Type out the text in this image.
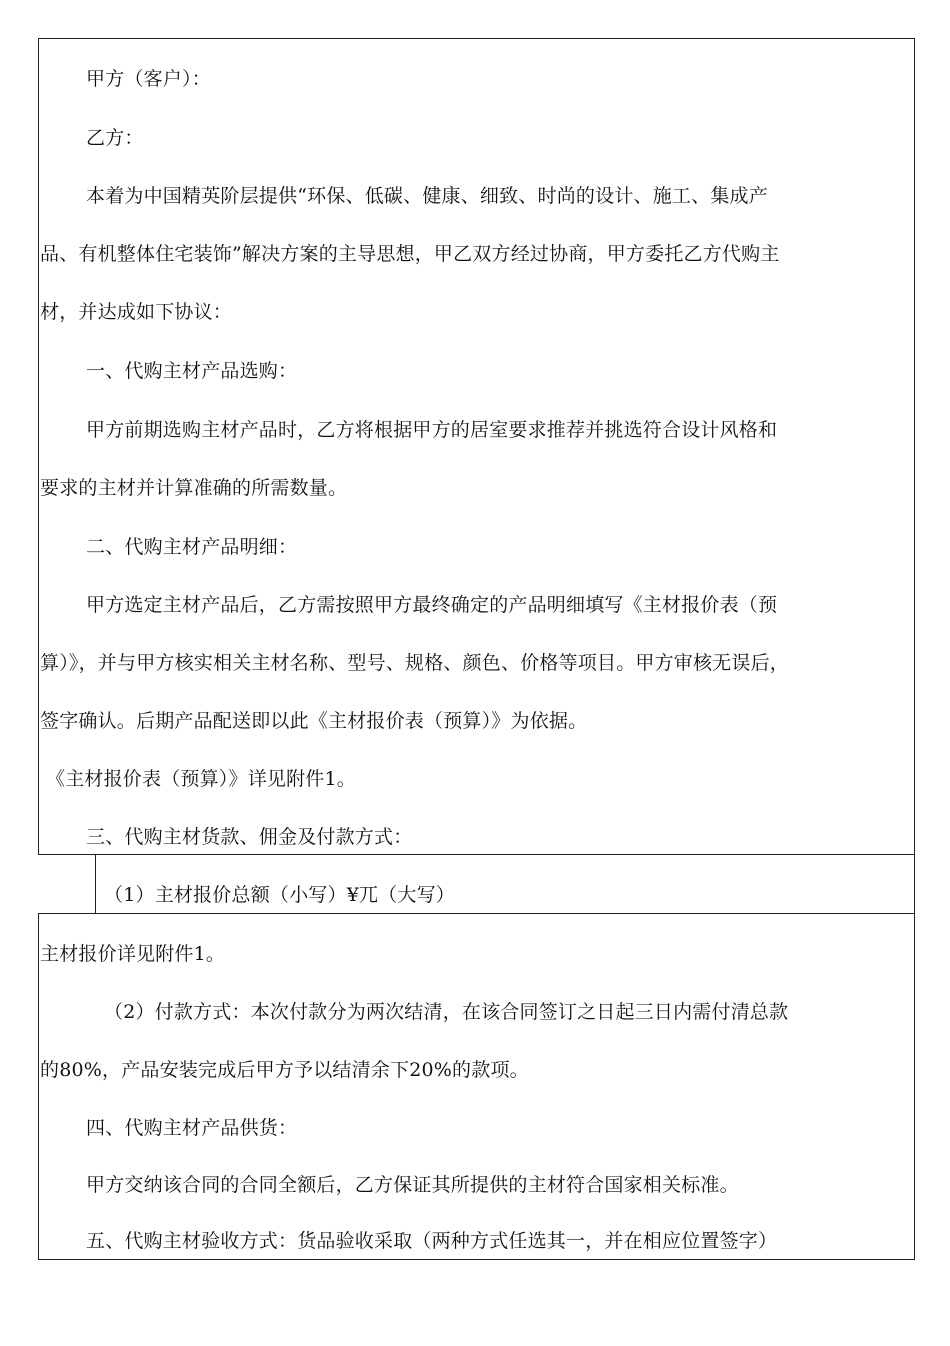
甲方（客户）：
乙方：
本着为中国精英阶层提供“环保、低碳、健康、细致、时尚的设计、施工、集成产
品、有机整体住宅装饰”解决方案的主导思想，甲乙双方经过协商，甲方委托乙方代购主
材，并达成如下协议：
一、代购主材产品选购：
甲方前期选购主材产品时，乙方将根据甲方的居室要求推荐并挑选符合设计风格和
要求的主材并计算准确的所需数量。
二、代购主材产品明细：
甲方选定主材产品后，乙方需按照甲方最终确定的产品明细填写《主材报价表（预
算）》，并与甲方核实相关主材名称、型号、规格、颜色、价格等项目。甲方审核无误后，
签字确认。后期产品配送即以此《主材报价表（预算）》为依据。
《主材报价表（预算）》详见附件1。
三、代购主材货款、佣金及付款方式：
（1）主材报价总额（小写）¥兀（大写）
主材报价详见附件1。
（2）付款方式：本次付款分为两次结清，在该合同签订之日起三日内需付清总款
的80%，产品安装完成后甲方予以结清余下20%的款项。
四、代购主材产品供货：
甲方交纳该合同的合同全额后，乙方保证其所提供的主材符合国家相关标准。
五、代购主材验收方式：货品验收采取（两种方式任选其一，并在相应位置签字）
